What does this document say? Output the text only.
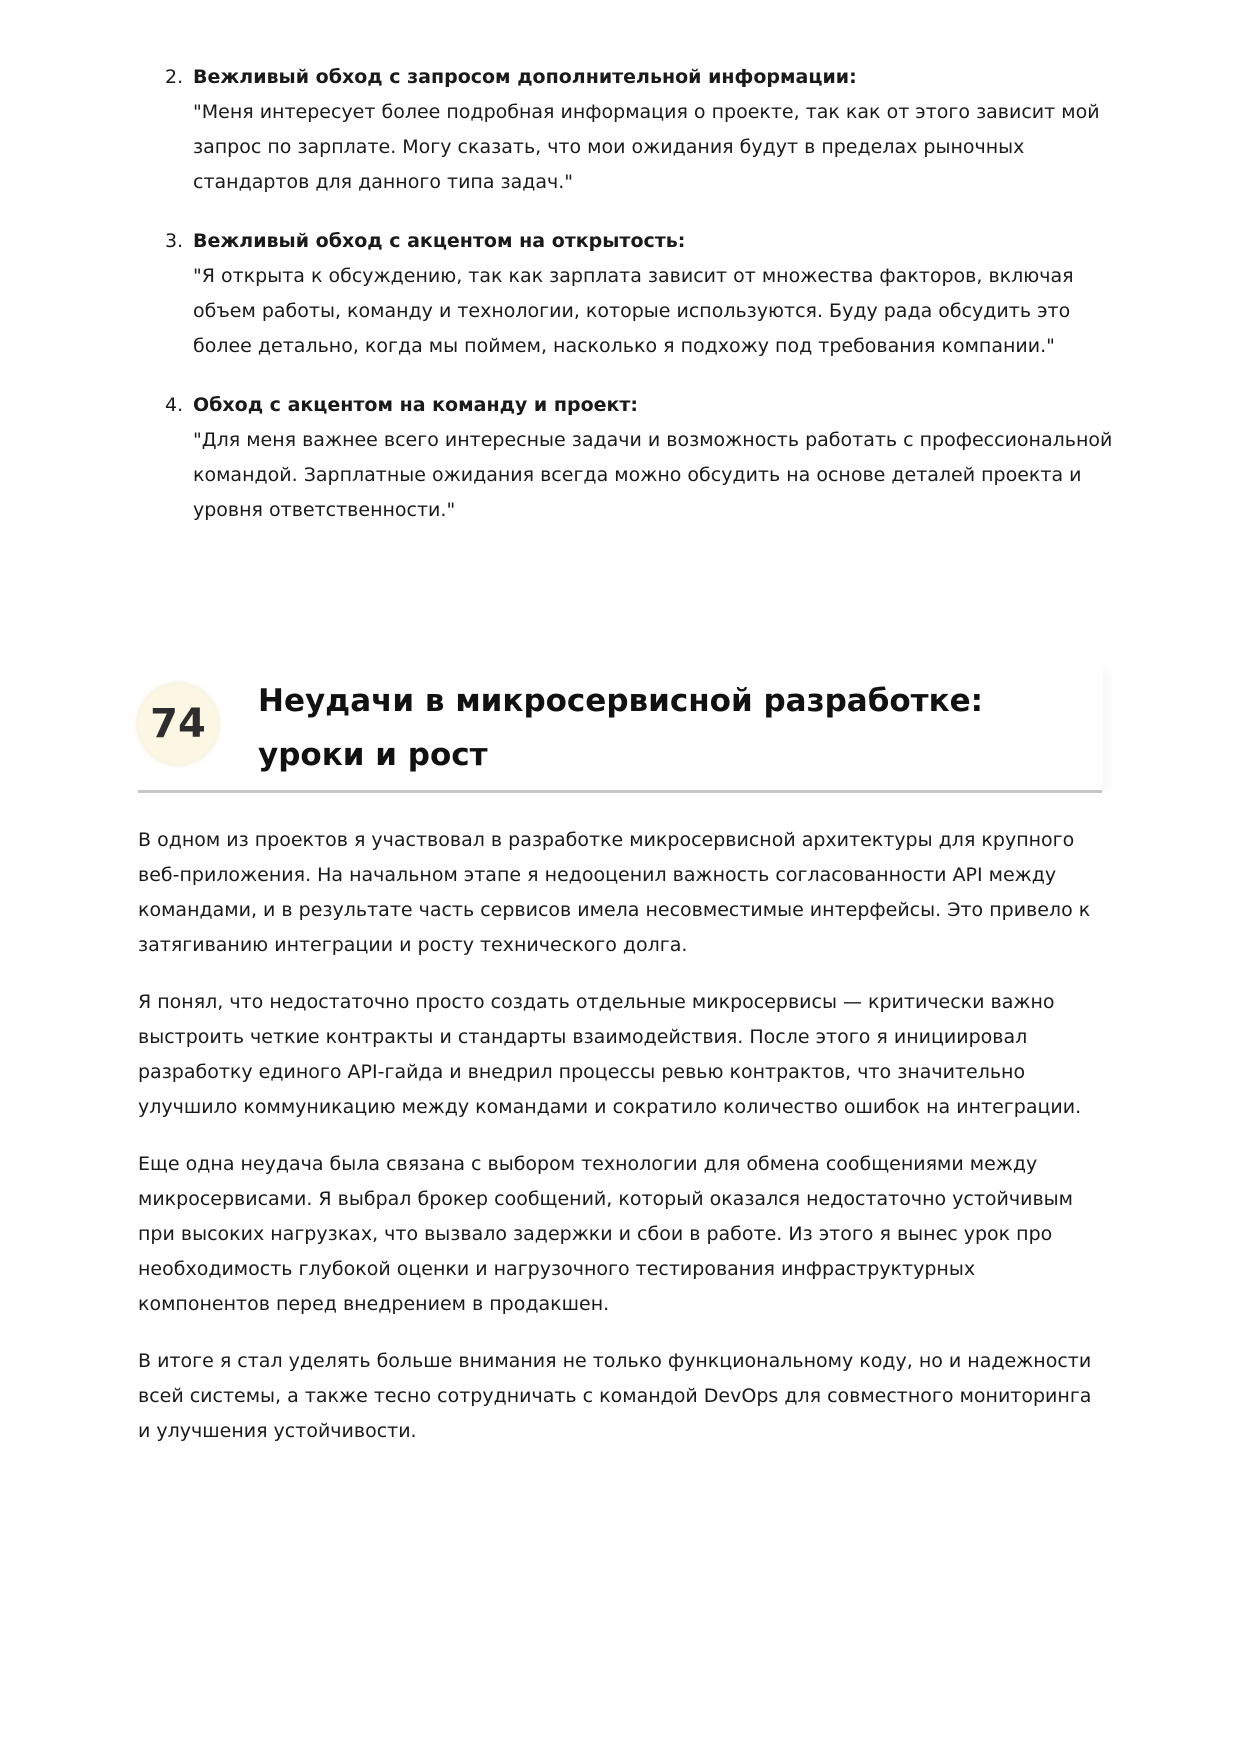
2. Вежливый обход с запросом дополнительной информации:
"Меня интересует более подробная информация о проекте, так как от этого зависит мой запрос по зарплате. Могу сказать, что мои ожидания будут в пределах рыночных стандартов для данного типа задач."
3. Вежливый обход с акцентом на открытость:
"Я открыта к обсуждению, так как зарплата зависит от множества факторов, включая объем работы, команду и технологии, которые используются. Буду рада обсудить это более детально, когда мы поймем, насколько я подхожу под требования компании."
4. Обход с акцентом на команду и проект:
"Для меня важнее всего интересные задачи и возможность работать с профессиональной командой. Зарплатные ожидания всегда можно обсудить на основе деталей проекта и уровня ответственности."
74	Неудачи в микросервисной разработке: уроки и рост

В одном из проектов я участвовал в разработке микросервисной архитектуры для крупного веб-приложения. На начальном этапе я недооценил важность согласованности API между командами, и в результате часть сервисов имела несовместимые интерфейсы. Это привело к затягиванию интеграции и росту технического долга.

Я понял, что недостаточно просто создать отдельные микросервисы — критически важно выстроить четкие контракты и стандарты взаимодействия. После этого я инициировал разработку единого API-гайда и внедрил процессы ревью контрактов, что значительно улучшило коммуникацию между командами и сократило количество ошибок на интеграции.

Еще одна неудача была связана с выбором технологии для обмена сообщениями между микросервисами. Я выбрал брокер сообщений, который оказался недостаточно устойчивым при высоких нагрузках, что вызвало задержки и сбои в работе. Из этого я вынес урок про необходимость глубокой оценки и нагрузочного тестирования инфраструктурных компонентов перед внедрением в продакшен.

В итоге я стал уделять больше внимания не только функциональному коду, но и надежности всей системы, а также тесно сотрудничать с командой DevOps для совместного мониторинга и улучшения устойчивости.
